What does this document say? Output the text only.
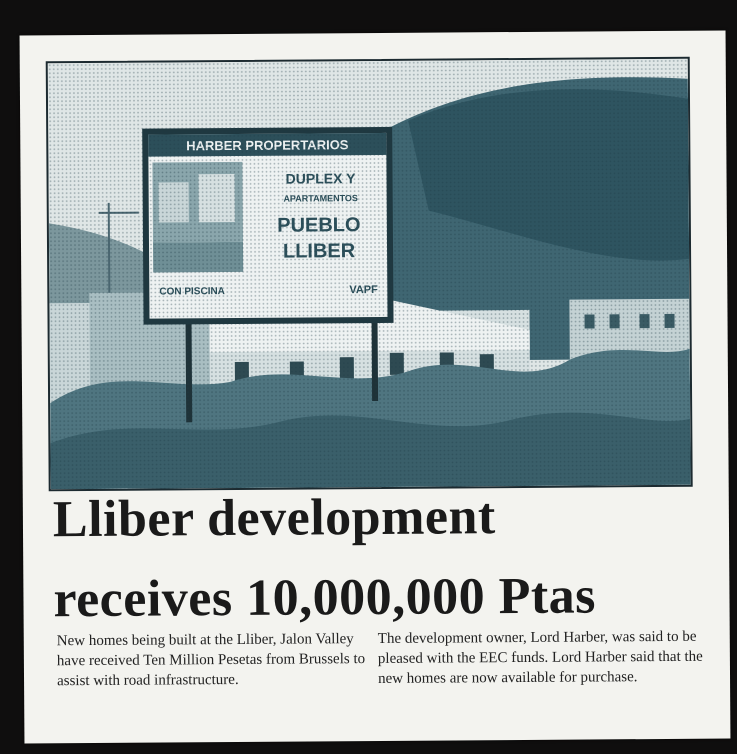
Lliber development
receives 10,000,000 Ptas
New homes being built at the Lliber, Jalon Valley have received Ten Million Pesetas from Brussels to assist with road infrastructure.
The development owner, Lord Harber, was said to be pleased with the EEC funds. Lord Harber said that the new homes are now available for purchase.
